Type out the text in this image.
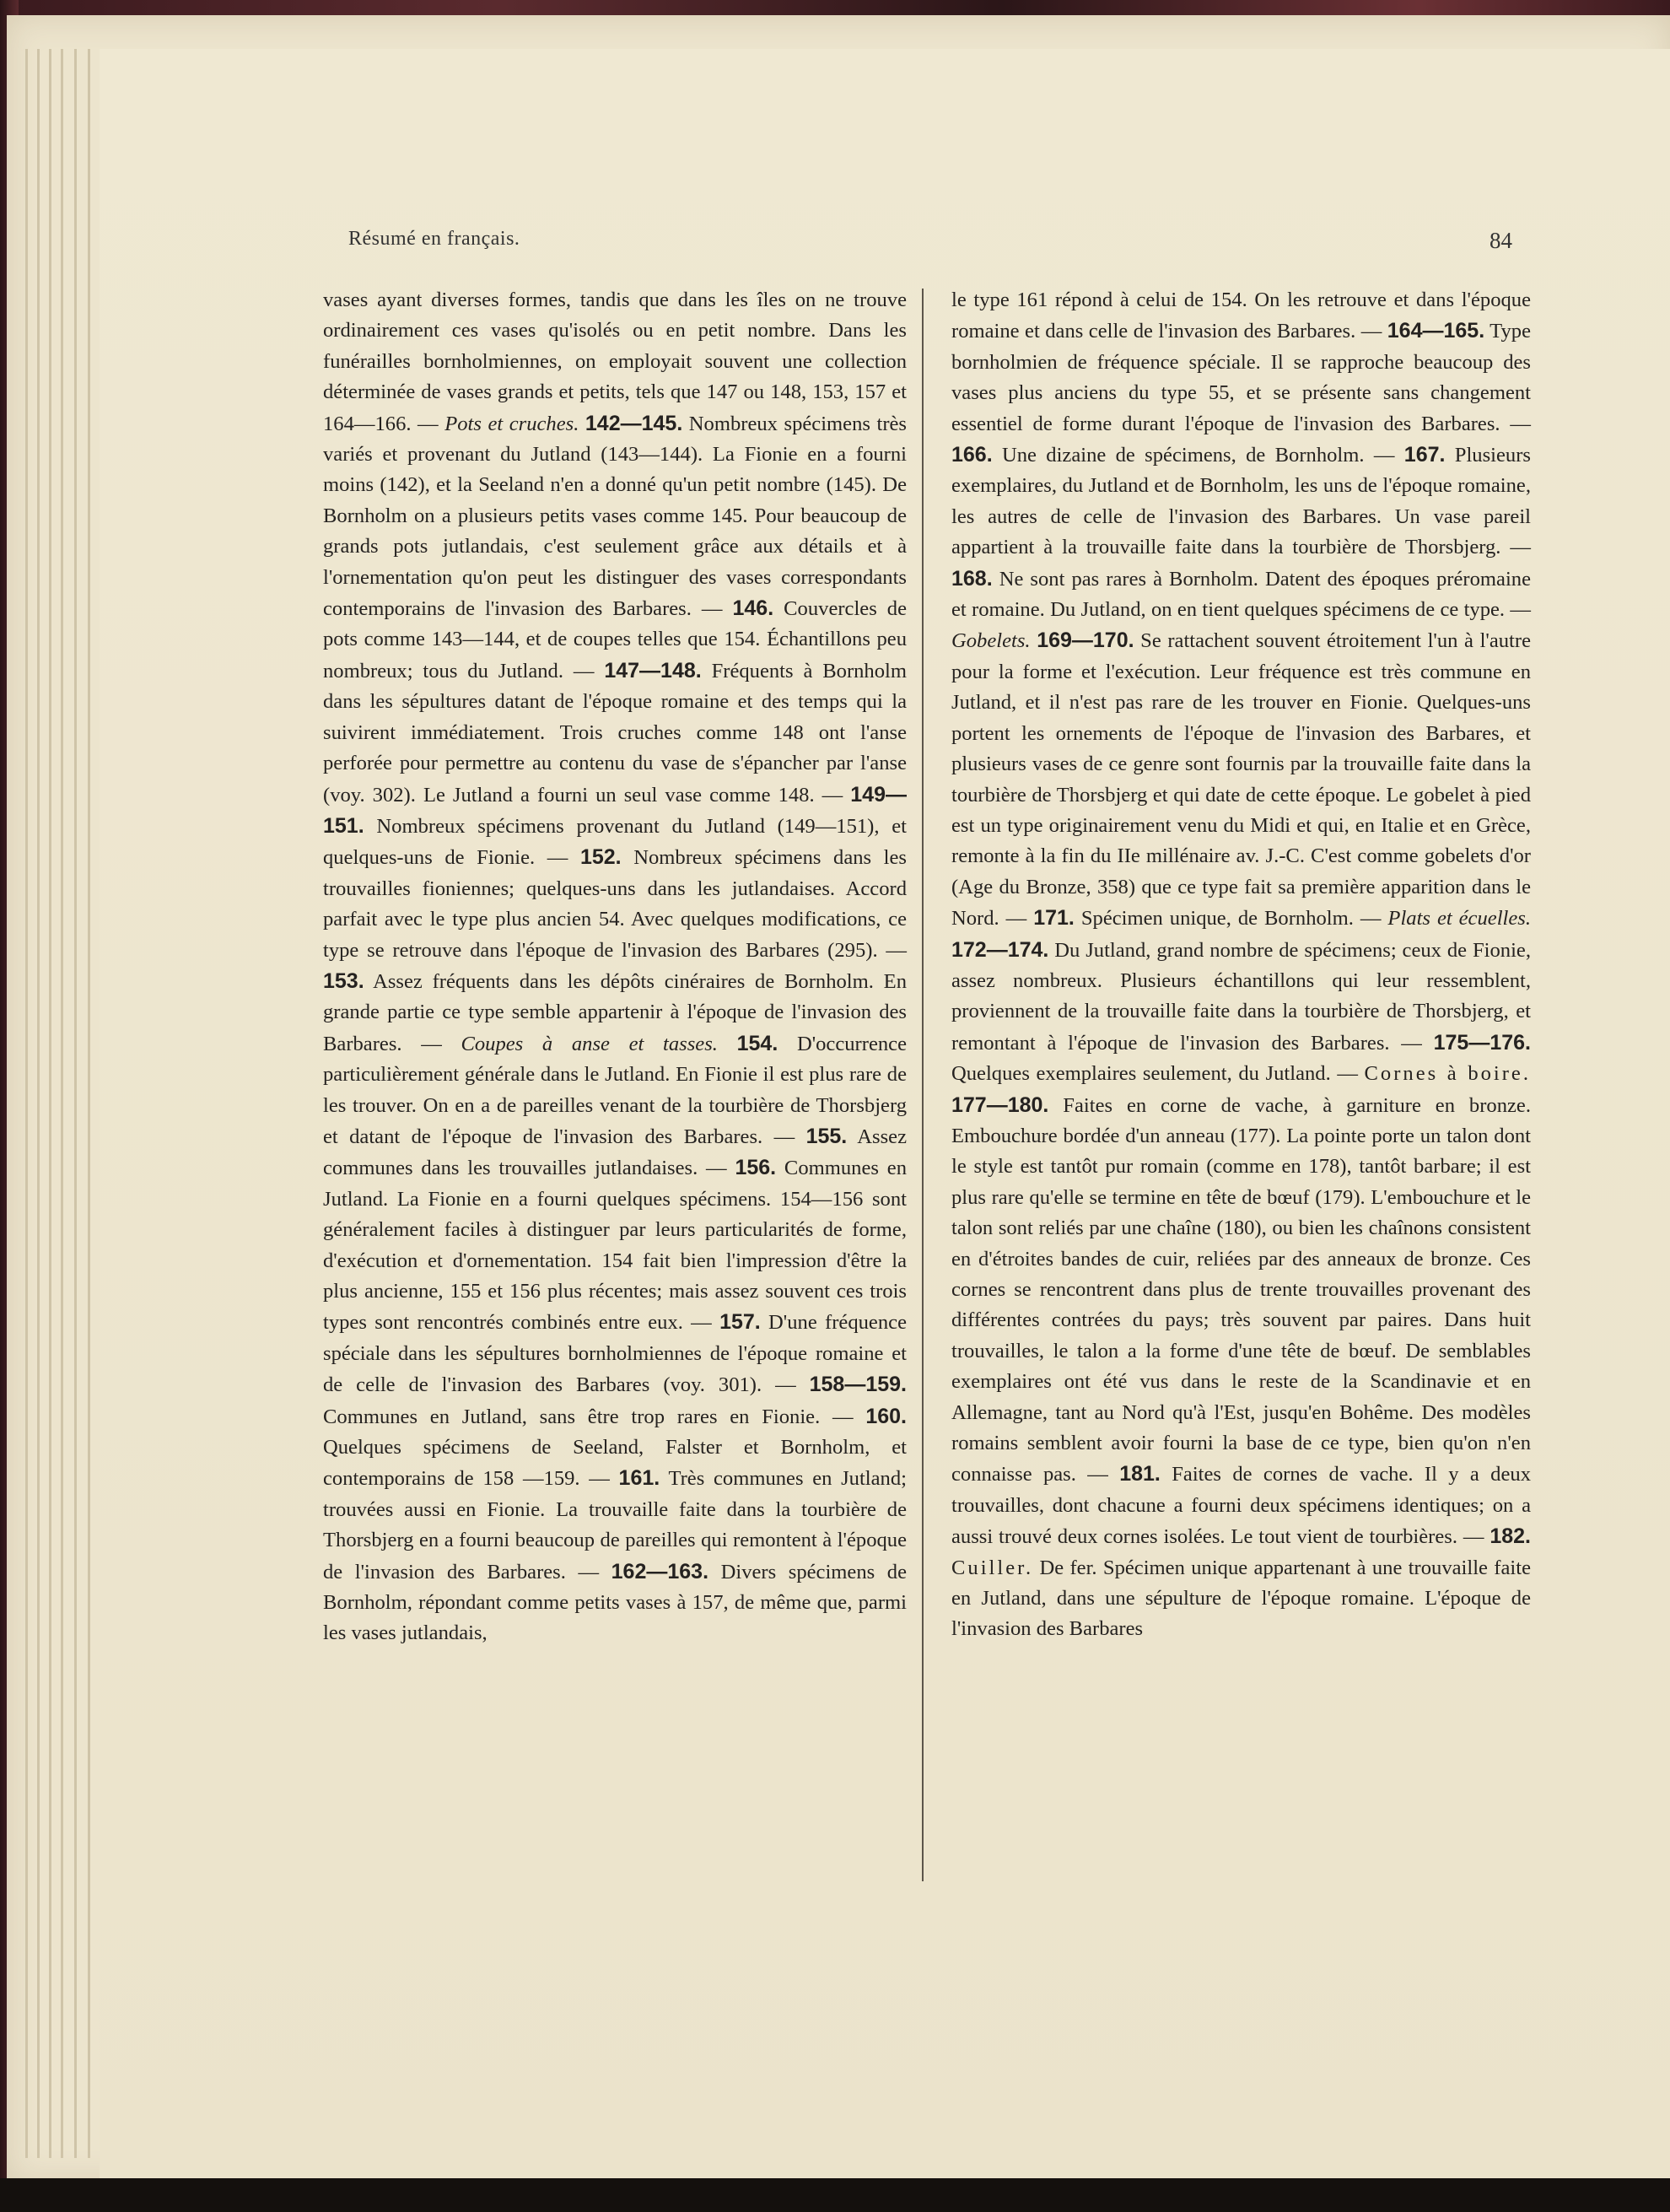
Résumé en français.	84

vases ayant diverses formes, tandis que dans les îles on ne trouve ordinairement ces vases qu'isolés ou en petit nombre. Dans les funérailles bornholmiennes, on employait souvent une collection déterminée de vases grands et petits, tels que 147 ou 148, 153, 157 et 164—166. — Pots et cruches. 142—145. Nombreux spécimens très variés et provenant du Jutland (143—144). La Fionie en a fourni moins (142), et la Seeland n'en a donné qu'un petit nombre (145). De Bornholm on a plusieurs petits vases comme 145. Pour beaucoup de grands pots jutlandais, c'est seulement grâce aux détails et à l'ornementation qu'on peut les distinguer des vases correspondants contemporains de l'invasion des Barbares. — 146. Couvercles de pots comme 143—144, et de coupes telles que 154. Échantillons peu nombreux; tous du Jutland. — 147—148. Fréquents à Bornholm dans les sépultures datant de l'époque romaine et des temps qui la suivirent immédiatement. Trois cruches comme 148 ont l'anse perforée pour permettre au contenu du vase de s'épancher par l'anse (voy. 302). Le Jutland a fourni un seul vase comme 148. — 149—151. Nombreux spécimens provenant du Jutland (149—151), et quelques-uns de Fionie. — 152. Nombreux spécimens dans les trouvailles fioniennes; quelques-uns dans les jutlandaises. Accord parfait avec le type plus ancien 54. Avec quelques modifications, ce type se retrouve dans l'époque de l'invasion des Barbares (295). — 153. Assez fréquents dans les dépôts cinéraires de Bornholm. En grande partie ce type semble appartenir à l'époque de l'invasion des Barbares. — Coupes à anse et tasses. 154. D'occurrence particulièrement générale dans le Jutland. En Fionie il est plus rare de les trouver. On en a de pareilles venant de la tourbière de Thorsbjerg et datant de l'époque de l'invasion des Barbares. — 155. Assez communes dans les trouvailles jutlandaises. — 156. Communes en Jutland. La Fionie en a fourni quelques spécimens. 154—156 sont généralement faciles à distinguer par leurs particularités de forme, d'exécution et d'ornementation. 154 fait bien l'impression d'être la plus ancienne, 155 et 156 plus récentes; mais assez souvent ces trois types sont rencontrés combinés entre eux. — 157. D'une fréquence spéciale dans les sépultures bornholmiennes de l'époque romaine et de celle de l'invasion des Barbares (voy. 301). — 158—159. Communes en Jutland, sans être trop rares en Fionie. — 160. Quelques spécimens de Seeland, Falster et Bornholm, et contemporains de 158 —159. — 161. Très communes en Jutland; trouvées aussi en Fionie. La trouvaille faite dans la tourbière de Thorsbjerg en a fourni beaucoup de pareilles qui remontent à l'époque de l'invasion des Barbares. — 162—163. Divers spécimens de Bornholm, répondant comme petits vases à 157, de même que, parmi les vases jutlandais,

le type 161 répond à celui de 154. On les retrouve et dans l'époque romaine et dans celle de l'invasion des Barbares. — 164—165. Type bornholmien de fréquence spéciale. Il se rapproche beaucoup des vases plus anciens du type 55, et se présente sans changement essentiel de forme durant l'époque de l'invasion des Barbares. — 166. Une dizaine de spécimens, de Bornholm. — 167. Plusieurs exemplaires, du Jutland et de Bornholm, les uns de l'époque romaine, les autres de celle de l'invasion des Barbares. Un vase pareil appartient à la trouvaille faite dans la tourbière de Thorsbjerg. — 168. Ne sont pas rares à Bornholm. Datent des époques préromaine et romaine. Du Jutland, on en tient quelques spécimens de ce type. — Gobelets. 169—170. Se rattachent souvent étroitement l'un à l'autre pour la forme et l'exécution. Leur fréquence est très commune en Jutland, et il n'est pas rare de les trouver en Fionie. Quelques-uns portent les ornements de l'époque de l'invasion des Barbares, et plusieurs vases de ce genre sont fournis par la trouvaille faite dans la tourbière de Thorsbjerg et qui date de cette époque. Le gobelet à pied est un type originairement venu du Midi et qui, en Italie et en Grèce, remonte à la fin du IIe millénaire av. J.-C. C'est comme gobelets d'or (Age du Bronze, 358) que ce type fait sa première apparition dans le Nord. — 171. Spécimen unique, de Bornholm. — Plats et écuelles. 172—174. Du Jutland, grand nombre de spécimens; ceux de Fionie, assez nombreux. Plusieurs échantillons qui leur ressemblent, proviennent de la trouvaille faite dans la tourbière de Thorsbjerg, et remontant à l'époque de l'invasion des Barbares. — 175—176. Quelques exemplaires seulement, du Jutland. — Cornes à boire. 177—180. Faites en corne de vache, à garniture en bronze. Embouchure bordée d'un anneau (177). La pointe porte un talon dont le style est tantôt pur romain (comme en 178), tantôt barbare; il est plus rare qu'elle se termine en tête de bœuf (179). L'embouchure et le talon sont reliés par une chaîne (180), ou bien les chaînons consistent en d'étroites bandes de cuir, reliées par des anneaux de bronze. Ces cornes se rencontrent dans plus de trente trouvailles provenant des différentes contrées du pays; très souvent par paires. Dans huit trouvailles, le talon a la forme d'une tête de bœuf. De semblables exemplaires ont été vus dans le reste de la Scandinavie et en Allemagne, tant au Nord qu'à l'Est, jusqu'en Bohême. Des modèles romains semblent avoir fourni la base de ce type, bien qu'on n'en connaisse pas. — 181. Faites de cornes de vache. Il y a deux trouvailles, dont chacune a fourni deux spécimens identiques; on a aussi trouvé deux cornes isolées. Le tout vient de tourbières. — 182. Cuiller. De fer. Spécimen unique appartenant à une trouvaille faite en Jutland, dans une sépulture de l'époque romaine. L'époque de l'invasion des Barbares
